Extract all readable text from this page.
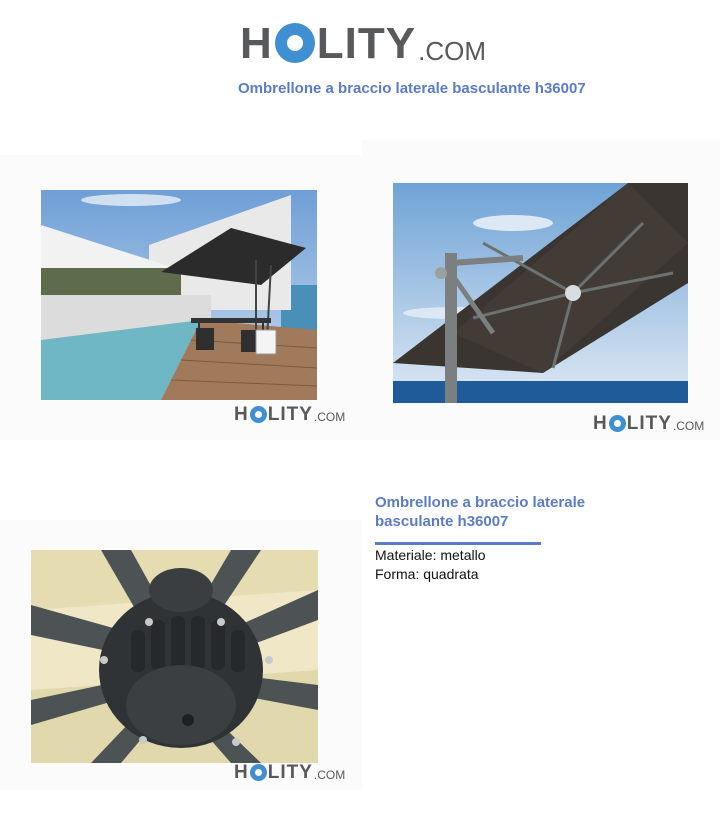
H LITY .COM
Ombrellone a braccio laterale basculante h36007
H LITY .COM	H LITY .COM
H LITY .COM
Ombrellone a braccio laterale basculante h36007
Materiale: metallo
Forma: quadrata
